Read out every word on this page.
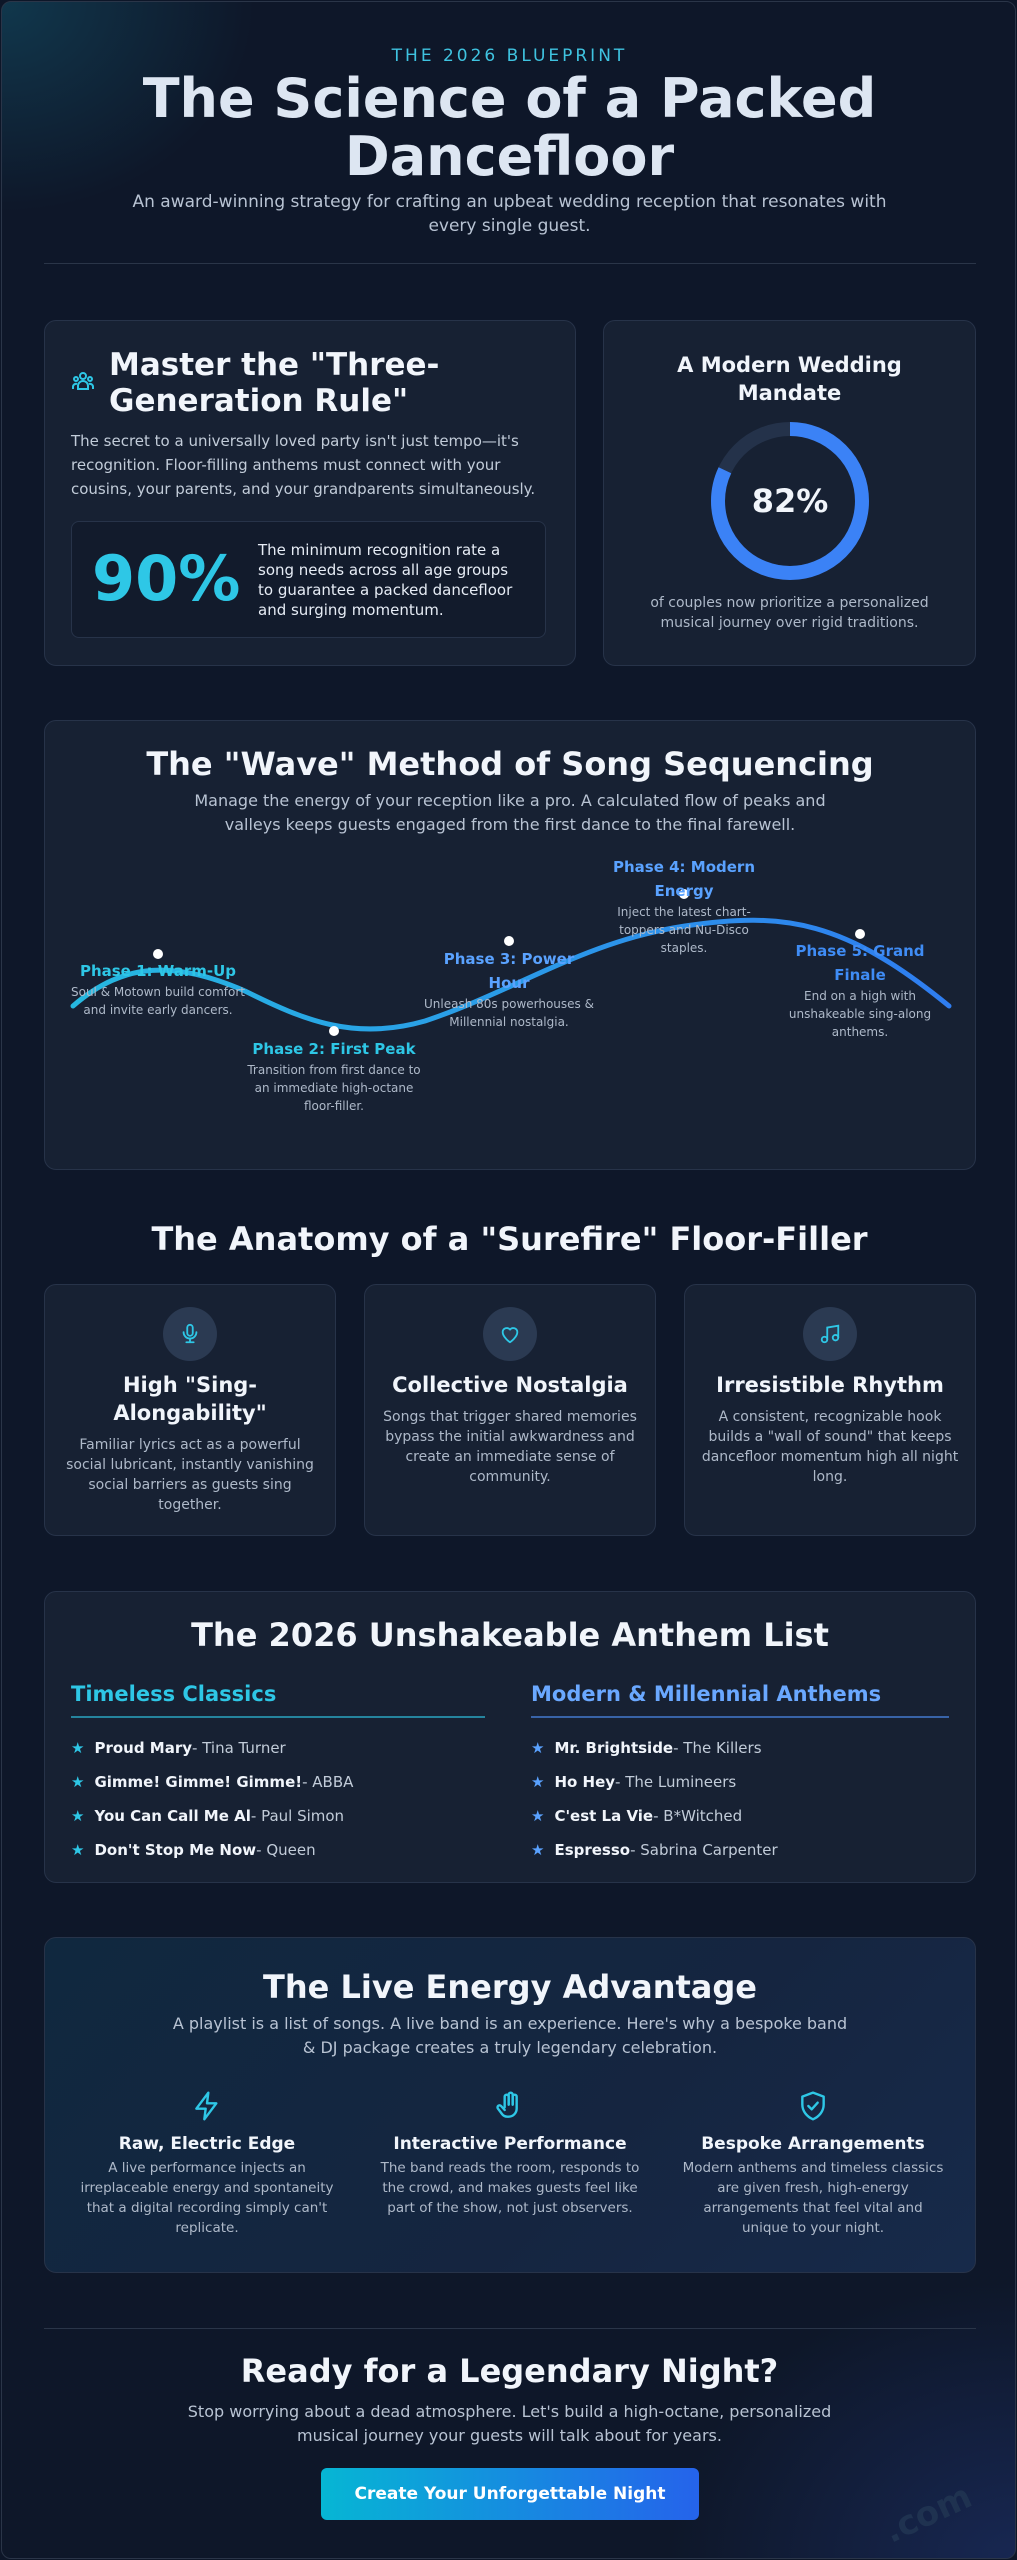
THE 2026 BLUEPRINT
The Science of a Packed
Dancefloor
An award-winning strategy for crafting an upbeat wedding reception that resonates with
every single guest.
Master the "Three-
Generation Rule"
The secret to a universally loved party isn't just tempo—it's
recognition. Floor-filling anthems must connect with your
cousins, your parents, and your grandparents simultaneously.
90% The minimum recognition rate a
song needs across all age groups
to guarantee a packed dancefloor
and surging momentum.
A Modern Wedding
Mandate
82%
of couples now prioritize a personalized
musical journey over rigid traditions.
The "Wave" Method of Song Sequencing
Manage the energy of your reception like a pro. A calculated flow of peaks and
valleys keeps guests engaged from the first dance to the final farewell.
Phase 1: Warm-Up
Soul & Motown build comfort
and invite early dancers.
Phase 2: First Peak
Transition from first dance to
an immediate high-octane
floor-filler.
Phase 3: Power
Hour
Unleash 80s powerhouses &
Millennial nostalgia.
Phase 4: Modern
Energy
Inject the latest chart-
toppers and Nu-Disco
staples.	Phase 5: Grand
Finale
End on a high with
unshakeable sing-along
anthems.
The Anatomy of a "Surefire" Floor-Filler
High "Sing-
Alongability"
Familiar lyrics act as a powerful
social lubricant, instantly vanishing
social barriers as guests sing
together.
Collective Nostalgia
Songs that trigger shared memories
bypass the initial awkwardness and
create an immediate sense of
community.
Irresistible Rhythm
A consistent, recognizable hook
builds a "wall of sound" that keeps
dancefloor momentum high all night
long.
The 2026 Unshakeable Anthem List
Timeless Classics
★ Proud Mary- Tina Turner
★ Gimme! Gimme! Gimme!- ABBA
★ You Can Call Me Al- Paul Simon
★ Don't Stop Me Now- Queen
Modern & Millennial Anthems
★ Mr. Brightside- The Killers
★ Ho Hey- The Lumineers
★ C'est La Vie- B*Witched
★ Espresso- Sabrina Carpenter
The Live Energy Advantage
A playlist is a list of songs. A live band is an experience. Here's why a bespoke band
& DJ package creates a truly legendary celebration.
Raw, Electric Edge
A live performance injects an
irreplaceable energy and spontaneity
that a digital recording simply can't
replicate.
Interactive Performance
The band reads the room, responds to
the crowd, and makes guests feel like
part of the show, not just observers.
Bespoke Arrangements
Modern anthems and timeless classics
are given fresh, high-energy
arrangements that feel vital and
unique to your night.
Ready for a Legendary Night?
Stop worrying about a dead atmosphere. Let's build a high-octane, personalized
musical journey your guests will talk about for years.
Create Your Unforgettable Night	.com
